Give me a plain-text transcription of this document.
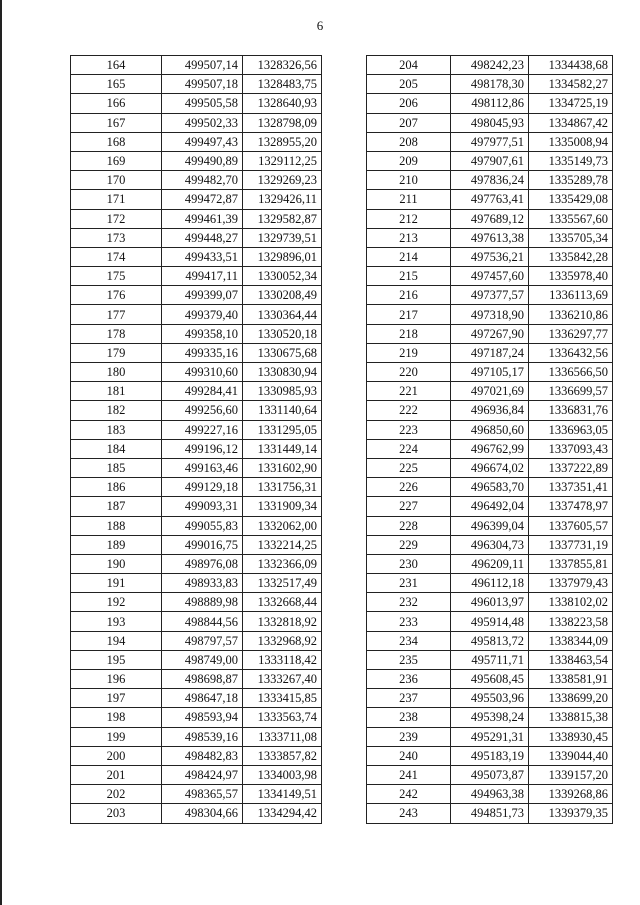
6
164	499507,14	1328326,56
165	499507,18	1328483,75
166	499505,58	1328640,93
167	499502,33	1328798,09
168	499497,43	1328955,20
169	499490,89	1329112,25
170	499482,70	1329269,23
171	499472,87	1329426,11
172	499461,39	1329582,87
173	499448,27	1329739,51
174	499433,51	1329896,01
175	499417,11	1330052,34
176	499399,07	1330208,49
177	499379,40	1330364,44
178	499358,10	1330520,18
179	499335,16	1330675,68
180	499310,60	1330830,94
181	499284,41	1330985,93
182	499256,60	1331140,64
183	499227,16	1331295,05
184	499196,12	1331449,14
185	499163,46	1331602,90
186	499129,18	1331756,31
187	499093,31	1331909,34
188	499055,83	1332062,00
189	499016,75	1332214,25
190	498976,08	1332366,09
191	498933,83	1332517,49
192	498889,98	1332668,44
193	498844,56	1332818,92
194	498797,57	1332968,92
195	498749,00	1333118,42
196	498698,87	1333267,40
197	498647,18	1333415,85
198	498593,94	1333563,74
199	498539,16	1333711,08
200	498482,83	1333857,82
201	498424,97	1334003,98
202	498365,57	1334149,51
203	498304,66	1334294,42
204	498242,23	1334438,68
205	498178,30	1334582,27
206	498112,86	1334725,19
207	498045,93	1334867,42
208	497977,51	1335008,94
209	497907,61	1335149,73
210	497836,24	1335289,78
211	497763,41	1335429,08
212	497689,12	1335567,60
213	497613,38	1335705,34
214	497536,21	1335842,28
215	497457,60	1335978,40
216	497377,57	1336113,69
217	497318,90	1336210,86
218	497267,90	1336297,77
219	497187,24	1336432,56
220	497105,17	1336566,50
221	497021,69	1336699,57
222	496936,84	1336831,76
223	496850,60	1336963,05
224	496762,99	1337093,43
225	496674,02	1337222,89
226	496583,70	1337351,41
227	496492,04	1337478,97
228	496399,04	1337605,57
229	496304,73	1337731,19
230	496209,11	1337855,81
231	496112,18	1337979,43
232	496013,97	1338102,02
233	495914,48	1338223,58
234	495813,72	1338344,09
235	495711,71	1338463,54
236	495608,45	1338581,91
237	495503,96	1338699,20
238	495398,24	1338815,38
239	495291,31	1338930,45
240	495183,19	1339044,40
241	495073,87	1339157,20
242	494963,38	1339268,86
243	494851,73	1339379,35
